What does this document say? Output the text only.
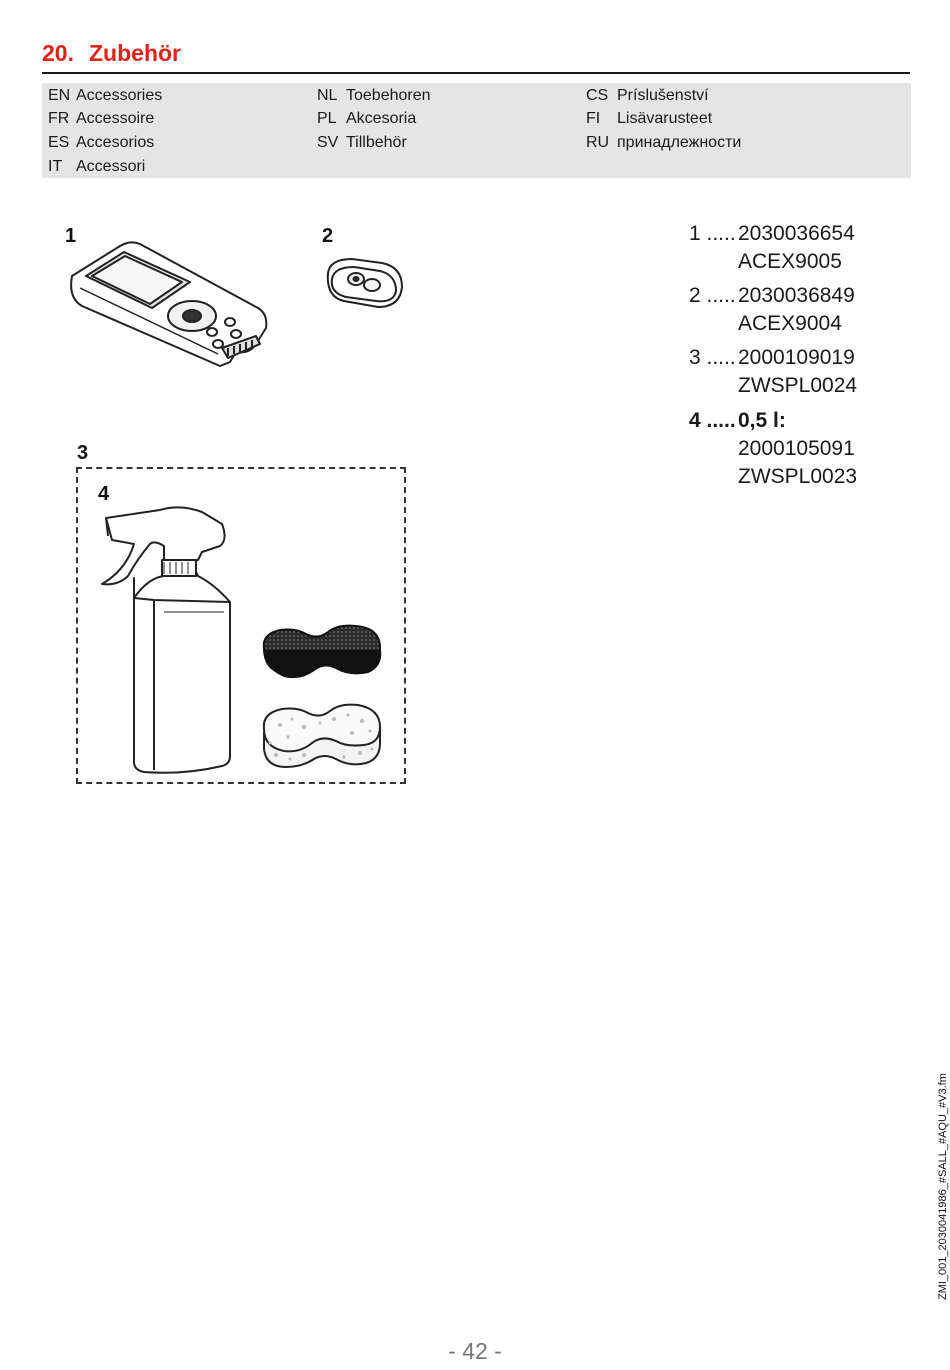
20. Zubehör
EN Accessories
FR Accessoire
ES Accesorios
IT Accessori
NL Toebehoren
PL Akcesoria
SV Tillbehör
CS Príslušenství
FI Lisävarusteet
RU принадлежности
1	2
3
4
1 ..... 2030036654
ACEX9005
2 ..... 2030036849
ACEX9004
3 ..... 2000109019
ZWSPL0024
4 ..... 0,5 l:
2000105091
ZWSPL0023
ZMI_001_2030041986_#SALL_#AQU_#V3.fm
- 42 -
